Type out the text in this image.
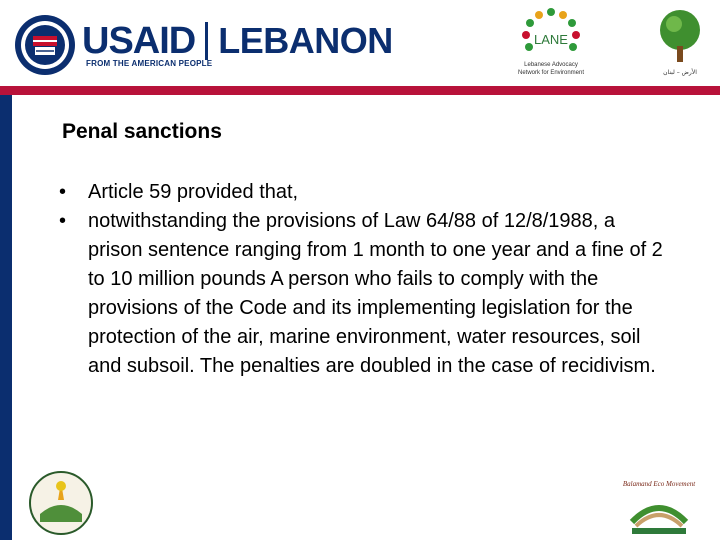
USAID LEBANON
FROM THE AMERICAN PEOPLE
LANE
Lebanese Advocacy
Network for Environment	الأرض – لبنان
Penal sanctions
• Article 59 provided that,
• notwithstanding the provisions of Law 64/88 of 12/8/1988, a prison sentence ranging from 1 month to one year and a fine of 2 to 10 million pounds A person who fails to comply with the provisions of the Code and its implementing legislation for the protection of the air, marine environment, water resources, soil and subsoil. The penalties are doubled in the case of recidivism.
Balamand Eco Movement
